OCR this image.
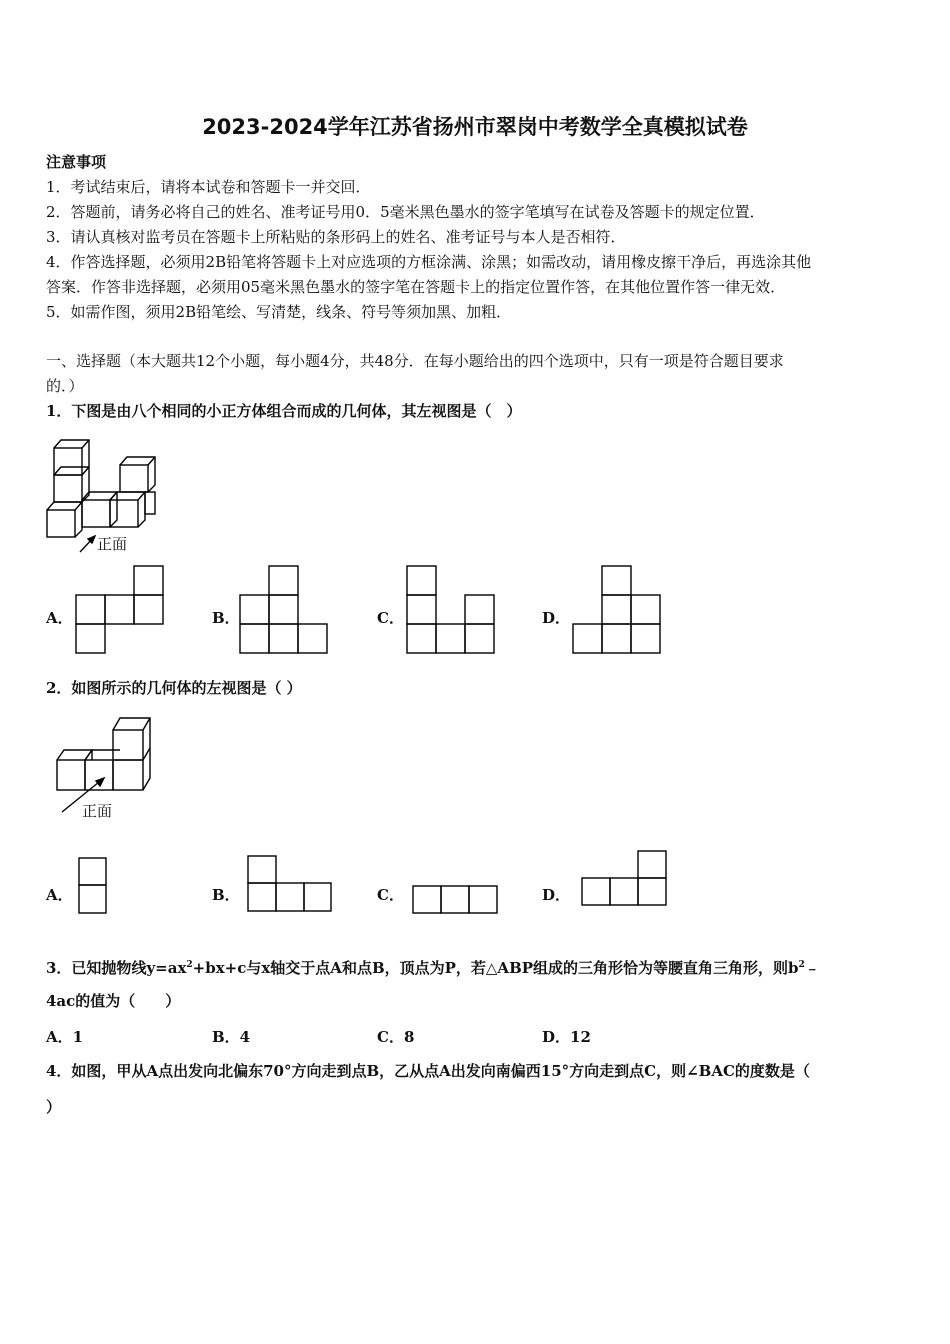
2023-2024学年江苏省扬州市翠岗中考数学全真模拟试卷
注意事项
1．考试结束后，请将本试卷和答题卡一并交回．
2．答题前，请务必将自己的姓名、准考证号用0．5毫米黑色墨水的签字笔填写在试卷及答题卡的规定位置．
3．请认真核对监考员在答题卡上所粘贴的条形码上的姓名、准考证号与本人是否相符．
4．作答选择题，必须用2B铅笔将答题卡上对应选项的方框涂满、涂黑；如需改动，请用橡皮擦干净后，再选涂其他
答案．作答非选择题，必须用05毫米黑色墨水的签字笔在答题卡上的指定位置作答，在其他位置作答一律无效．
5．如需作图，须用2B铅笔绘、写清楚，线条、符号等须加黑、加粗．
一、选择题（本大题共12个小题，每小题4分，共48分．在每小题给出的四个选项中，只有一项是符合题目要求
的．）
1．下图是由八个相同的小正方体组合而成的几何体，其左视图是（　）
正面
A．	B．	C．	D．
2．如图所示的几何体的左视图是（ ）
正面
A．	B．	C．	D．
3．已知抛物线$y=ax^2+bx+c$与x轴交于点A和点B，顶点为P，若△ABP组成的三角形恰为等腰直角三角形，则$b^2﹣$
4ac的值为（　　）
A．1	B．4	C．8	D．12
4．如图，甲从A点出发向北偏东70°方向走到点B，乙从点A出发向南偏西15°方向走到点C，则∠BAC的度数是（
）
